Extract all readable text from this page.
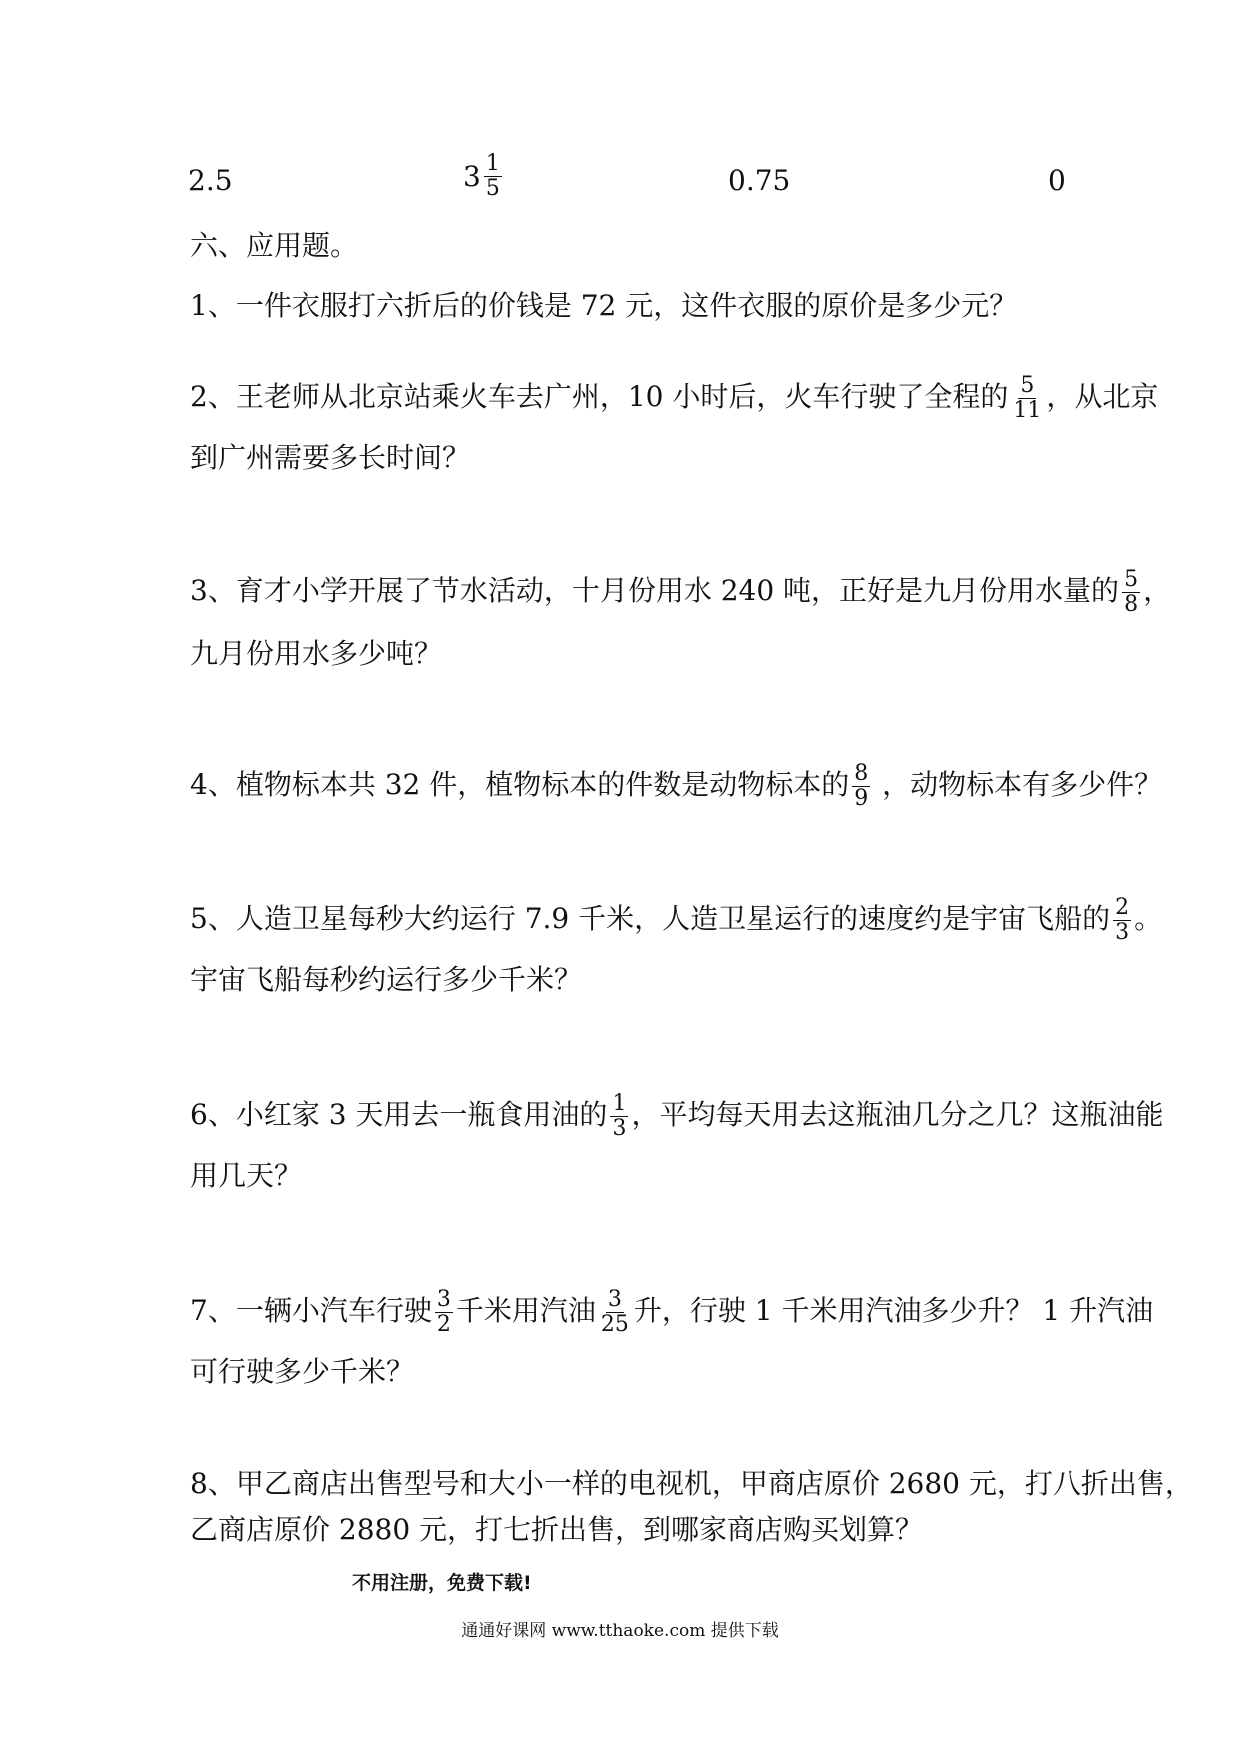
2.5	$3 \frac{1}{5}$	0.75	0
六、应用题。
1、一件衣服打六折后的价钱是 72 元，这件衣服的原价是多少元？
2、王老师从北京站乘火车去广州，10 小时后，火车行驶了全程的 $\frac{5}{11}$ ，从北京
到广州需要多长时间？
3、育才小学开展了节水活动，十月份用水 240 吨，正好是九月份用水量的 $\frac{5}{8}$ ，
九月份用水多少吨？
4、植物标本共 32 件，植物标本的件数是动物标本的 $\frac{8}{9}$ ，动物标本有多少件？
5、人造卫星每秒大约运行 7.9 千米，人造卫星运行的速度约是宇宙飞船的 $\frac{2}{3}$ 。
宇宙飞船每秒约运行多少千米？
6、小红家 3 天用去一瓶食用油的 $\frac{1}{3}$ ，平均每天用去这瓶油几分之几？这瓶油能
用几天？
7、一辆小汽车行驶 $\frac{3}{2}$ 千米用汽油 $\frac{3}{25}$ 升，行驶 1 千米用汽油多少升？ 1 升汽油
可行驶多少千米？
8、甲乙商店出售型号和大小一样的电视机，甲商店原价 2680 元，打八折出售，
乙商店原价 2880 元，打七折出售，到哪家商店购买划算？
不用注册，免费下载!
通通好课网 www.tthaoke.com 提供下载
